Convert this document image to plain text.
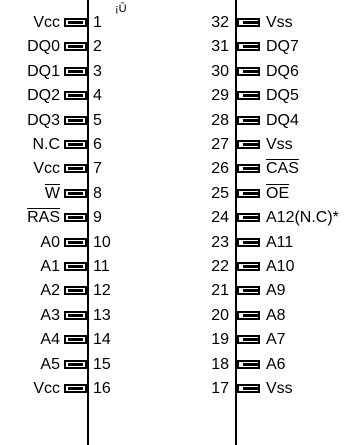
¡Û
Vcc 1
DQ0 2
DQ1 3
DQ2 4
DQ3 5
N.C 6
Vcc 7
$\overline{W}$ 8
$\overline{RAS}$ 9
A0 10
A1 11
A2 12
A3 13
A4 14
A5 15
Vcc 16
32 Vss
31 DQ7
30 DQ6
29 DQ5
28 DQ4
27 Vss
26 $\overline{CAS}$
25 $\overline{OE}$
24 A12(N.C)*
23 A11
22 A10
21 A9
20 A8
19 A7
18 A6
17 Vss
